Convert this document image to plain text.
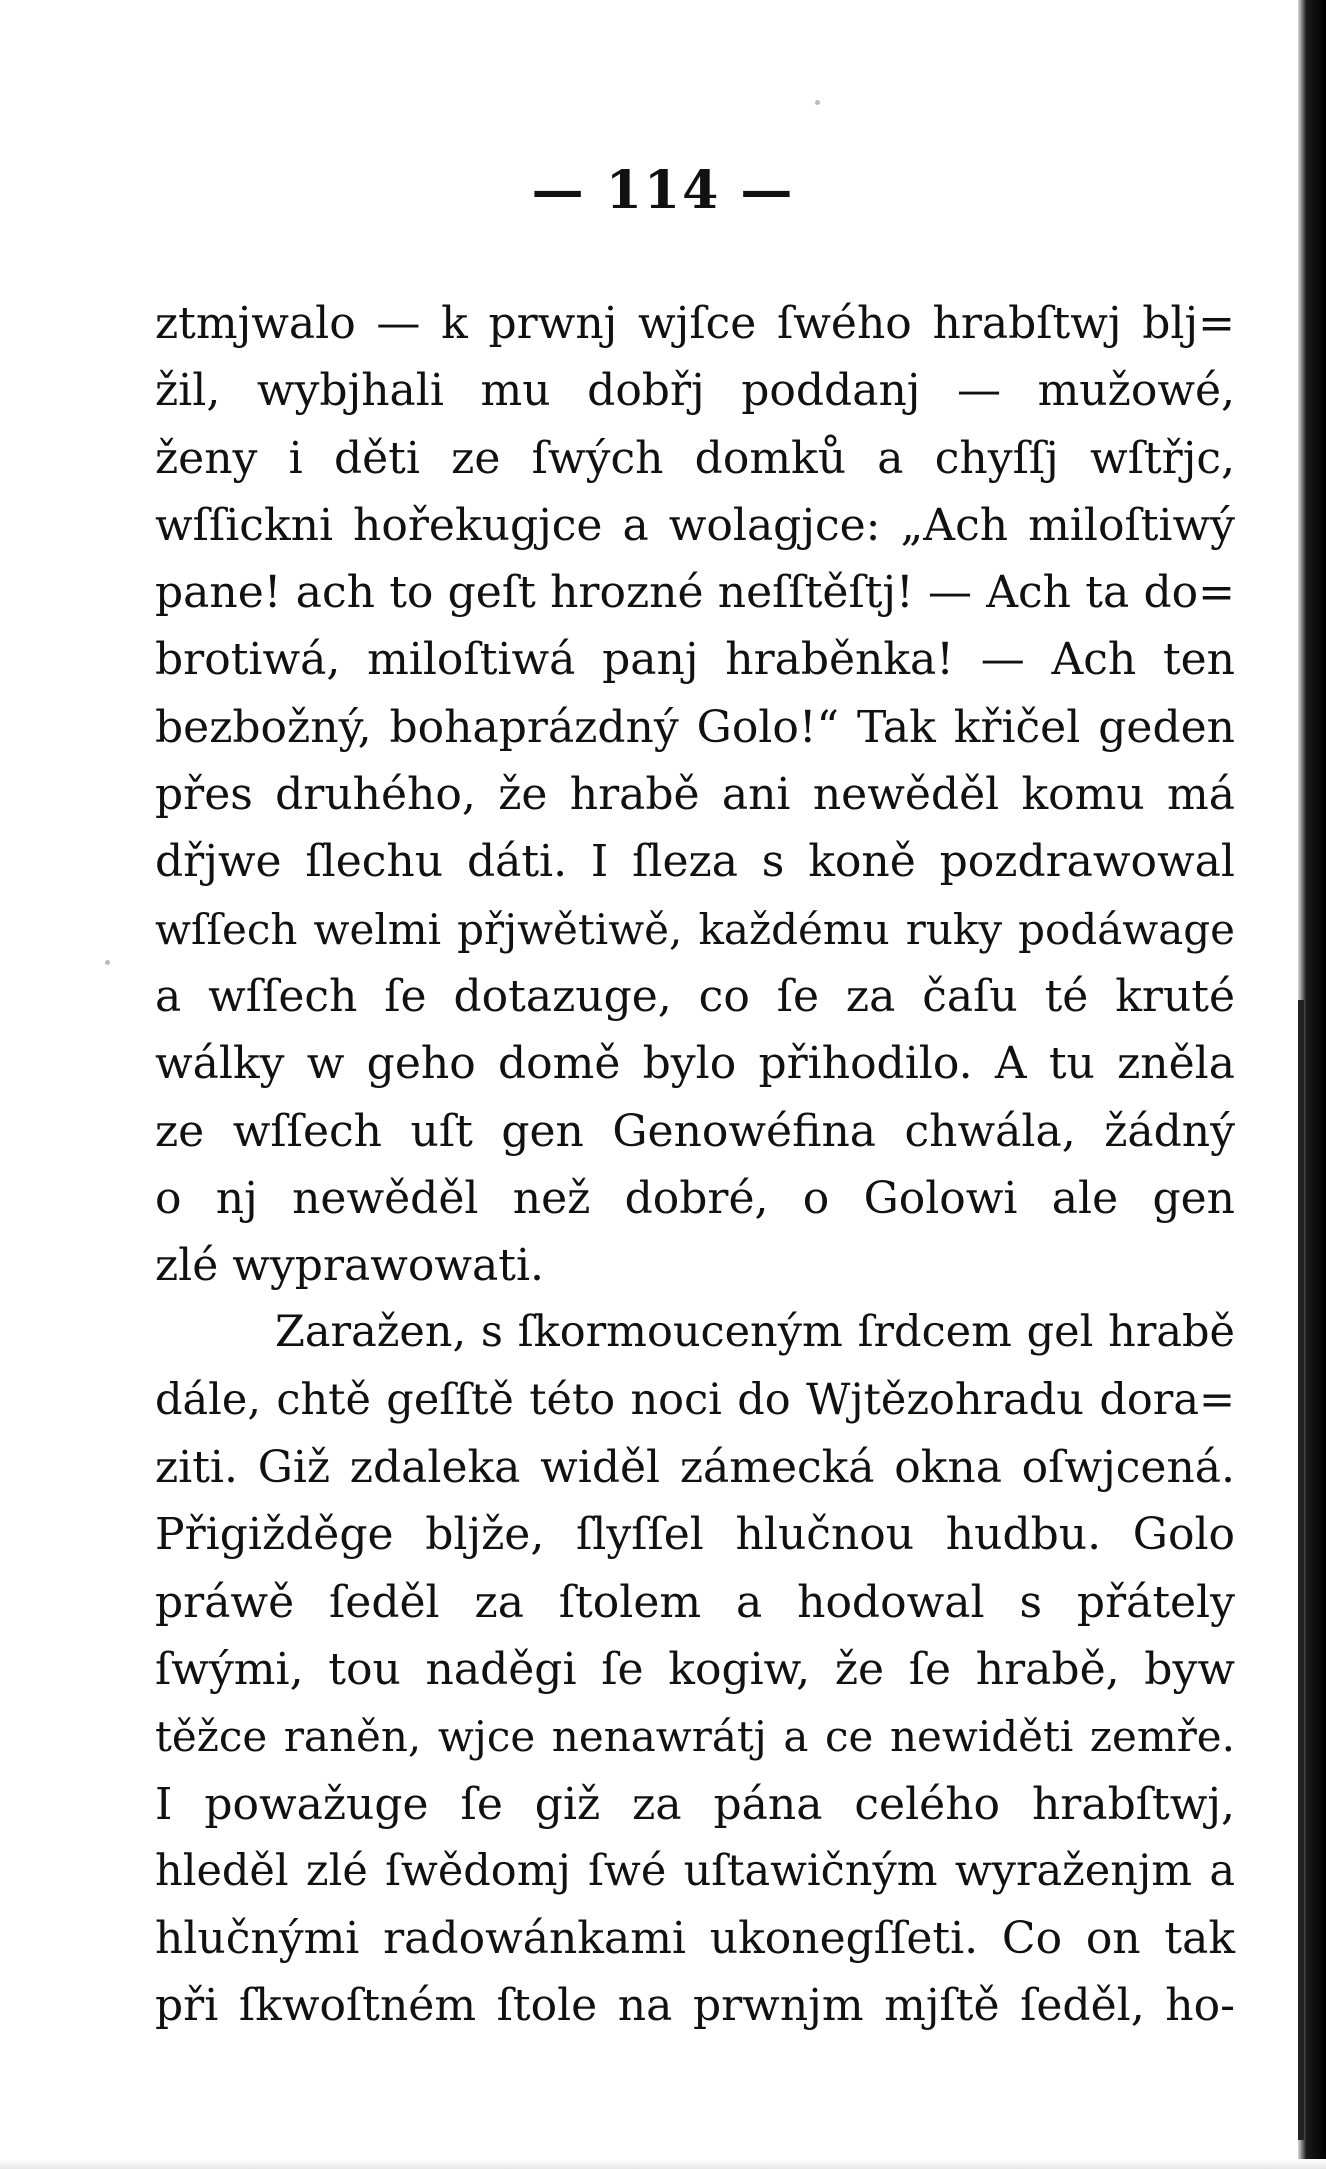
— 114 —
ztmjwalo — k prwnj wjſce ſwého hrabſtwj blj=
žil, wybjhali mu dobřj poddanj — mužowé,
ženy i děti ze ſwých domků a chyſſj wſtřjc,
wſſickni hořekugjce a wolagjce: „Ach miloſtiwý
pane! ach to geſt hrozné neſſtěſtj! — Ach ta do=
brotiwá, miloſtiwá panj hraběnka! — Ach ten
bezbožný, bohaprázdný Golo!“ Tak křičel geden
přes druhého, že hrabě ani newěděl komu má
dřjwe ſlechu dáti. I ſleza s koně pozdrawowal
wſſech welmi přjwětiwě, každému ruky podáwage
a wſſech ſe dotazuge, co ſe za čaſu té kruté
wálky w geho domě bylo přihodilo. A tu zněla
ze wſſech uſt gen Genowéfina chwála, žádný
o nj newěděl než dobré, o Golowi ale gen
zlé wyprawowati.
Zaražen, s ſkormouceným ſrdcem gel hrabě
dále, chtě geſſtě této noci do Wjtězohradu dora=
ziti. Giž zdaleka widěl zámecká okna oſwjcená.
Přigižděge bljže, ſlyſſel hlučnou hudbu. Golo
práwě ſeděl za ſtolem a hodowal s přátely
ſwými, tou naděgi ſe kogiw, že ſe hrabě, byw
těžce raněn, wjce nenawrátj a ce newiděti zemře.
I powažuge ſe giž za pána celého hrabſtwj,
hleděl zlé ſwědomj ſwé uſtawičným wyraženjm a
hlučnými radowánkami ukonegſſeti. Co on tak
při ſkwoſtném ſtole na prwnjm mjſtě ſeděl, ho-
